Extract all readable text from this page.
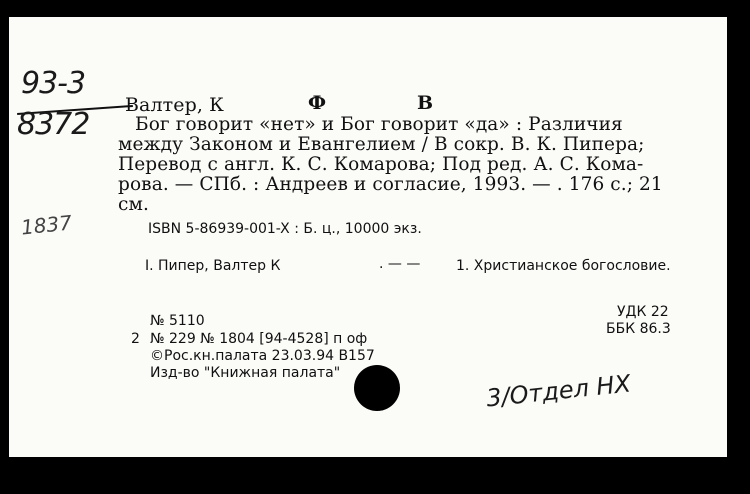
93-3
8372
1837
Валтер, К	Ф	В
Бог говорит «нет» и Бог говорит «да» : Различия
между Законом и Евангелием / В сокр. В. К. Пипера;
Перевод с англ. К. С. Комарова; Под ред. А. С. Кома-
рова. — СПб. : Андреев и согласие, 1993. — . 176 с.; 21
см.
ISBN 5-86939-001-X : Б. ц., 10000 экз.
I. Пипер, Валтер К	. — —	1. Христианское богословие.
№ 5110
2 № 229 № 1804 [94-4528] п оф
©Рос.кн.палата 23.03.94 В157
Изд-во "Книжная палата"
УДК 22
ББК 86.3
3/Отдел НХ
